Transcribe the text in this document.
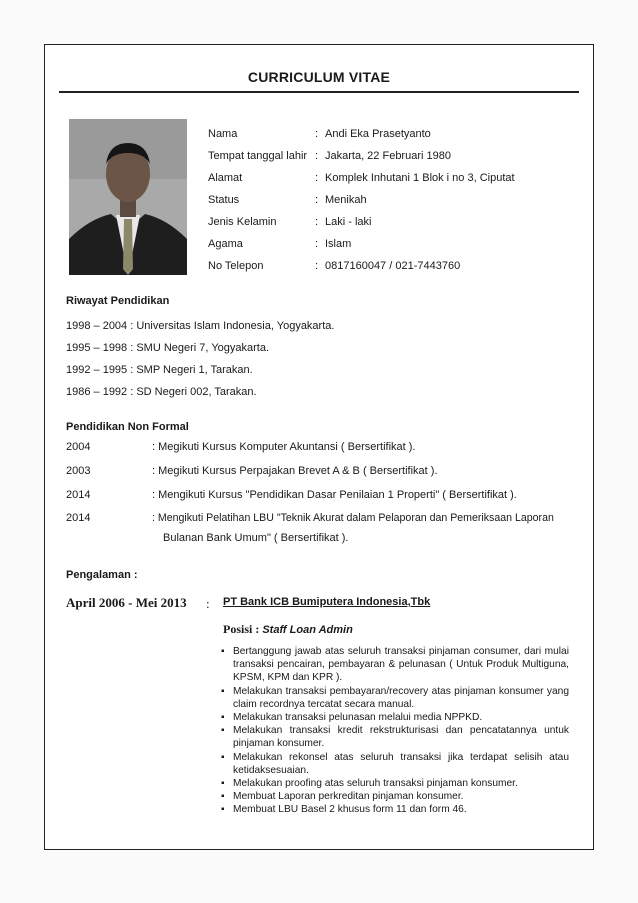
CURRICULUM VITAE
Nama	: Andi Eka Prasetyanto
Tempat tanggal lahir : Jakarta, 22 Februari 1980
Alamat	: Komplek Inhutani 1 Blok i no 3, Ciputat
Status	: Menikah
Jenis Kelamin	: Laki - laki
Agama	: Islam
No Telepon	: 0817160047 / 021-7443760
Riwayat Pendidikan
1998 – 2004 : Universitas Islam Indonesia, Yogyakarta.
1995 – 1998 : SMU Negeri 7, Yogyakarta.
1992 – 1995 : SMP Negeri 1, Tarakan.
1986 – 1992 : SD Negeri 002, Tarakan.
Pendidikan Non Formal
2004	: Megikuti Kursus Komputer Akuntansi ( Bersertifikat ).
2003	: Megikuti Kursus Perpajakan Brevet A & B ( Bersertifikat ).
2014	: Mengikuti Kursus "Pendidikan Dasar Penilaian 1 Properti" ( Bersertifikat ).
2014	: Mengikuti Pelatihan LBU "Teknik Akurat dalam Pelaporan dan Pemeriksaan Laporan
Bulanan Bank Umum" ( Bersertifikat ).
Pengalaman :
April 2006 - Mei 2013 : PT Bank ICB Bumiputera Indonesia,Tbk
Posisi : Staff Loan Admin
▪ Bertanggung jawab atas seluruh transaksi pinjaman consumer, dari mulai transaksi pencairan, pembayaran & pelunasan ( Untuk Produk Multiguna, KPSM, KPM dan KPR ).
▪ Melakukan transaksi pembayaran/recovery atas pinjaman konsumer yang claim recordnya tercatat secara manual.
▪ Melakukan transaksi pelunasan melalui media NPPKD.
▪ Melakukan transaksi kredit rekstrukturisasi dan pencatatannya untuk pinjaman konsumer.
▪ Melakukan rekonsel atas seluruh transaksi jika terdapat selisih atau ketidaksesuaian.
▪ Melakukan proofing atas seluruh transaksi pinjaman konsumer.
▪ Membuat Laporan perkreditan pinjaman konsumer.
▪ Membuat LBU Basel 2 khusus form 11 dan form 46.
